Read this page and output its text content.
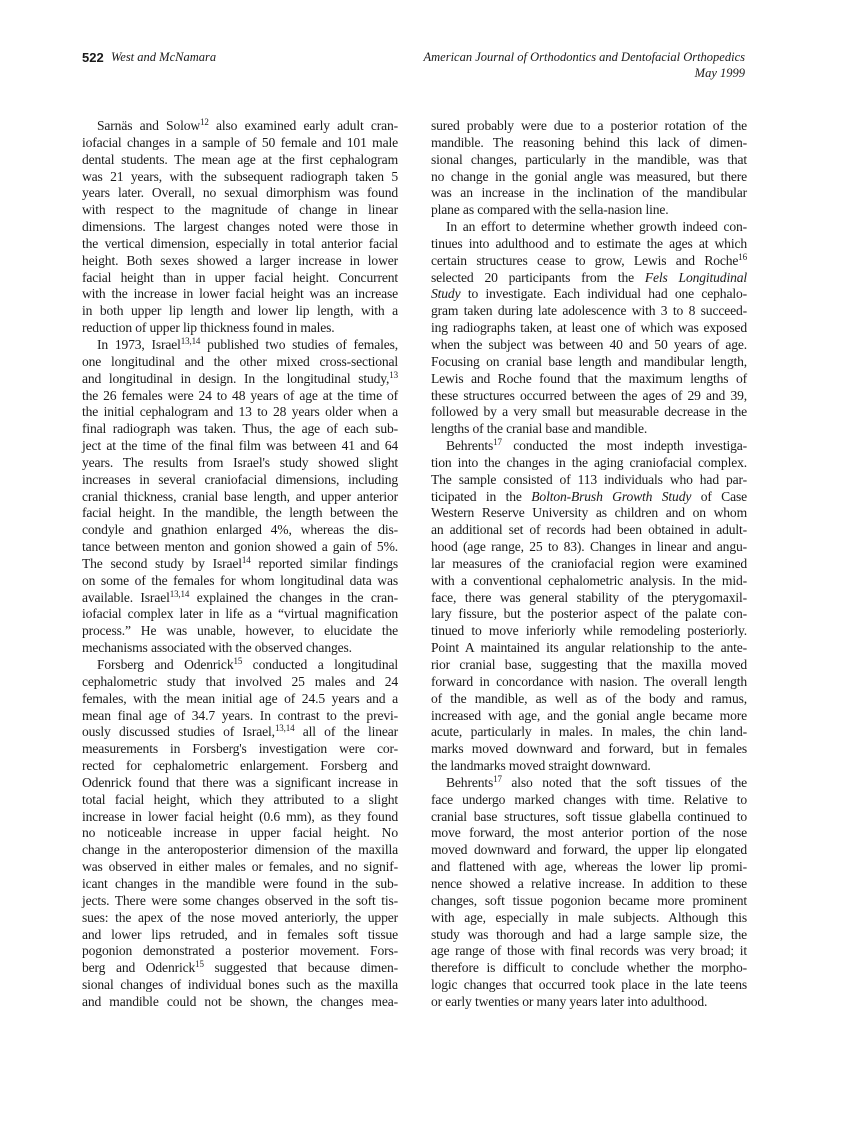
522 West and McNamara	American Journal of Orthodontics and Dentofacial Orthopedics
May 1999
Sarnäs and Solow$^{12}$ also examined early adult cran-
iofacial changes in a sample of 50 female and 101 male
dental students. The mean age at the first cephalogram
was 21 years, with the subsequent radiograph taken 5
years later. Overall, no sexual dimorphism was found
with respect to the magnitude of change in linear
dimensions. The largest changes noted were those in
the vertical dimension, especially in total anterior facial
height. Both sexes showed a larger increase in lower
facial height than in upper facial height. Concurrent
with the increase in lower facial height was an increase
in both upper lip length and lower lip length, with a
reduction of upper lip thickness found in males.
In 1973, Israel$^{13,14}$ published two studies of females,
one longitudinal and the other mixed cross-sectional
and longitudinal in design. In the longitudinal study,$^{13}$
the 26 females were 24 to 48 years of age at the time of
the initial cephalogram and 13 to 28 years older when a
final radiograph was taken. Thus, the age of each sub-
ject at the time of the final film was between 41 and 64
years. The results from Israel's study showed slight
increases in several craniofacial dimensions, including
cranial thickness, cranial base length, and upper anterior
facial height. In the mandible, the length between the
condyle and gnathion enlarged 4%, whereas the dis-
tance between menton and gonion showed a gain of 5%.
The second study by Israel$^{14}$ reported similar findings
on some of the females for whom longitudinal data was
available. Israel$^{13,14}$ explained the changes in the cran-
iofacial complex later in life as a “virtual magnification
process.” He was unable, however, to elucidate the
mechanisms associated with the observed changes.
Forsberg and Odenrick$^{15}$ conducted a longitudinal
cephalometric study that involved 25 males and 24
females, with the mean initial age of 24.5 years and a
mean final age of 34.7 years. In contrast to the previ-
ously discussed studies of Israel,$^{13,14}$ all of the linear
measurements in Forsberg's investigation were cor-
rected for cephalometric enlargement. Forsberg and
Odenrick found that there was a significant increase in
total facial height, which they attributed to a slight
increase in lower facial height (0.6 mm), as they found
no noticeable increase in upper facial height. No
change in the anteroposterior dimension of the maxilla
was observed in either males or females, and no signif-
icant changes in the mandible were found in the sub-
jects. There were some changes observed in the soft tis-
sues: the apex of the nose moved anteriorly, the upper
and lower lips retruded, and in females soft tissue
pogonion demonstrated a posterior movement. Fors-
berg and Odenrick$^{15}$ suggested that because dimen-
sional changes of individual bones such as the maxilla
and mandible could not be shown, the changes mea-
sured probably were due to a posterior rotation of the
mandible. The reasoning behind this lack of dimen-
sional changes, particularly in the mandible, was that
no change in the gonial angle was measured, but there
was an increase in the inclination of the mandibular
plane as compared with the sella-nasion line.
In an effort to determine whether growth indeed con-
tinues into adulthood and to estimate the ages at which
certain structures cease to grow, Lewis and Roche$^{16}$
selected 20 participants from the Fels Longitudinal
Study to investigate. Each individual had one cephalo-
gram taken during late adolescence with 3 to 8 succeed-
ing radiographs taken, at least one of which was exposed
when the subject was between 40 and 50 years of age.
Focusing on cranial base length and mandibular length,
Lewis and Roche found that the maximum lengths of
these structures occurred between the ages of 29 and 39,
followed by a very small but measurable decrease in the
lengths of the cranial base and mandible.
Behrents$^{17}$ conducted the most indepth investiga-
tion into the changes in the aging craniofacial complex.
The sample consisted of 113 individuals who had par-
ticipated in the Bolton-Brush Growth Study of Case
Western Reserve University as children and on whom
an additional set of records had been obtained in adult-
hood (age range, 25 to 83). Changes in linear and angu-
lar measures of the craniofacial region were examined
with a conventional cephalometric analysis. In the mid-
face, there was general stability of the pterygomaxil-
lary fissure, but the posterior aspect of the palate con-
tinued to move inferiorly while remodeling posteriorly.
Point A maintained its angular relationship to the ante-
rior cranial base, suggesting that the maxilla moved
forward in concordance with nasion. The overall length
of the mandible, as well as of the body and ramus,
increased with age, and the gonial angle became more
acute, particularly in males. In males, the chin land-
marks moved downward and forward, but in females
the landmarks moved straight downward.
Behrents$^{17}$ also noted that the soft tissues of the
face undergo marked changes with time. Relative to
cranial base structures, soft tissue glabella continued to
move forward, the most anterior portion of the nose
moved downward and forward, the upper lip elongated
and flattened with age, whereas the lower lip promi-
nence showed a relative increase. In addition to these
changes, soft tissue pogonion became more prominent
with age, especially in male subjects. Although this
study was thorough and had a large sample size, the
age range of those with final records was very broad; it
therefore is difficult to conclude whether the morpho-
logic changes that occurred took place in the late teens
or early twenties or many years later into adulthood.
